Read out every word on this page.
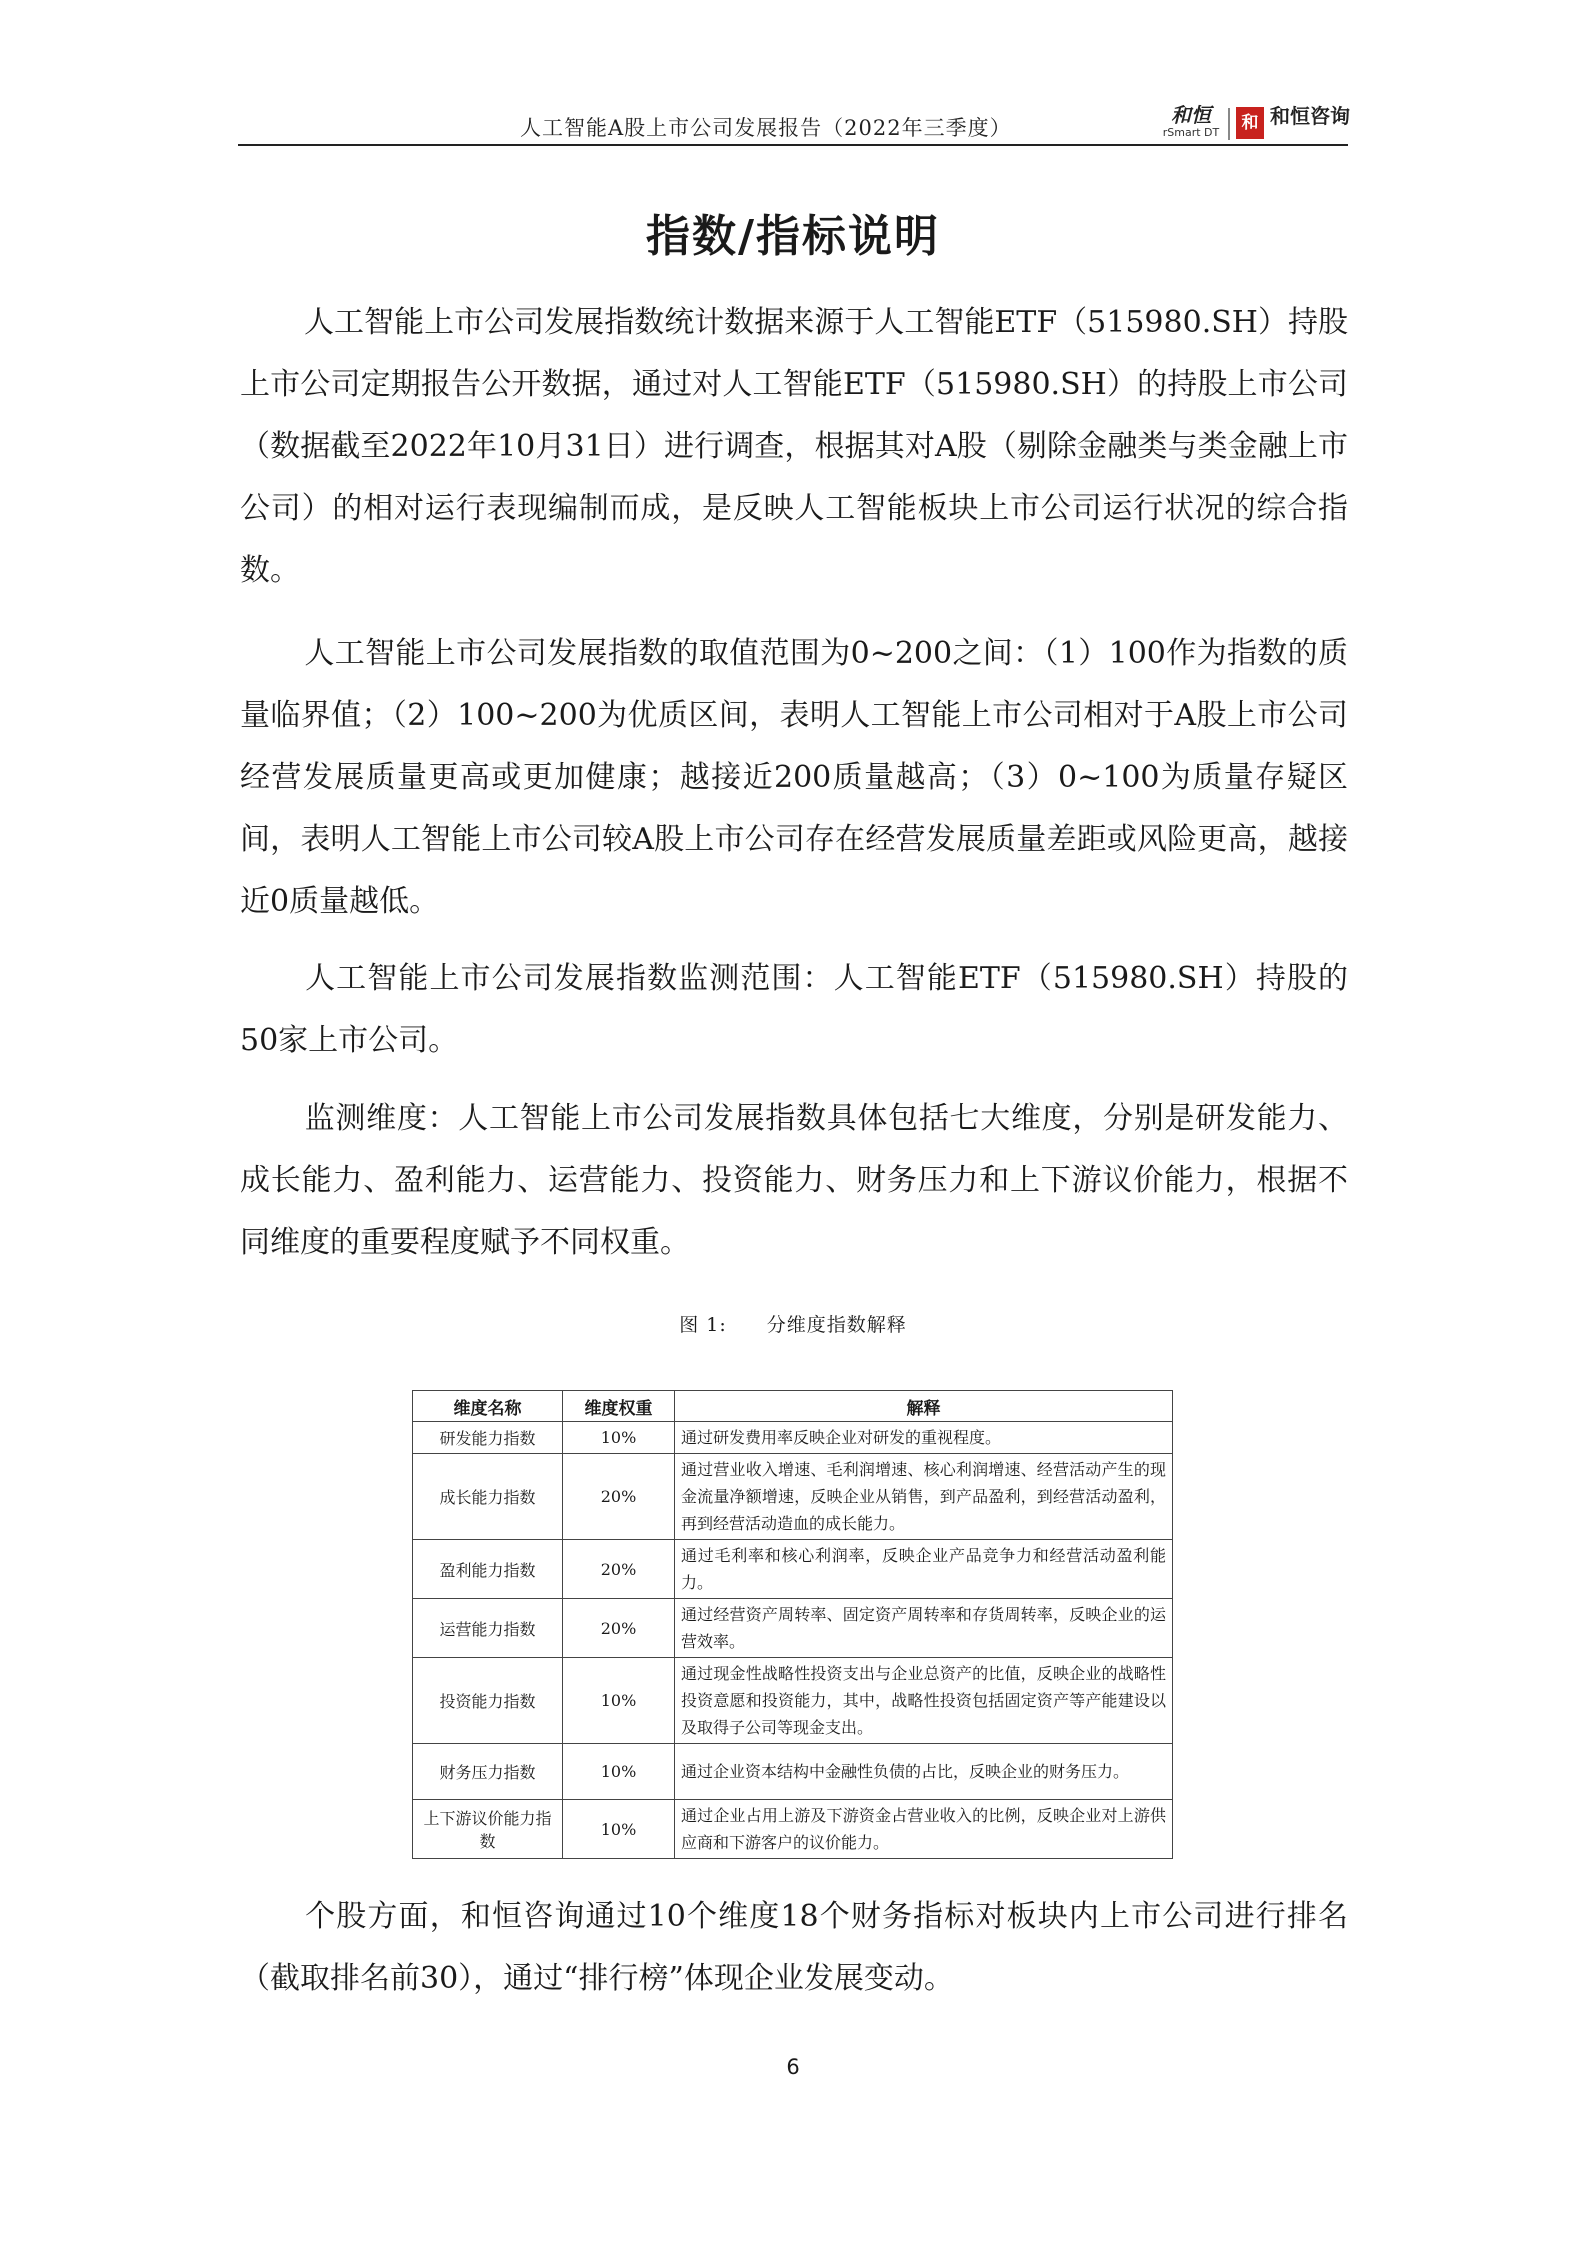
人工智能A股上市公司发展报告（2022年三季度）
和恒
rSmart DT	和 和恒咨询
指数/指标说明

人工智能上市公司发展指数统计数据来源于人工智能ETF（515980.SH）持股上市公司定期报告公开数据，通过对人工智能ETF（515980.SH）的持股上市公司（数据截至2022年10月31日）进行调查，根据其对A股（剔除金融类与类金融上市公司）的相对运行表现编制而成，是反映人工智能板块上市公司运行状况的综合指数。

人工智能上市公司发展指数的取值范围为0~200之间：（1）100作为指数的质量临界值；（2）100~200为优质区间，表明人工智能上市公司相对于A股上市公司经营发展质量更高或更加健康；越接近200质量越高；（3）0~100为质量存疑区间，表明人工智能上市公司较A股上市公司存在经营发展质量差距或风险更高，越接近0质量越低。

人工智能上市公司发展指数监测范围：人工智能ETF（515980.SH）持股的50家上市公司。

监测维度：人工智能上市公司发展指数具体包括七大维度，分别是研发能力、成长能力、盈利能力、运营能力、投资能力、财务压力和上下游议价能力，根据不同维度的重要程度赋予不同权重。

图 1: 分维度指数解释
维度名称	维度权重	解释
研发能力指数	10%	通过研发费用率反映企业对研发的重视程度。
成长能力指数	20%	通过营业收入增速、毛利润增速、核心利润增速、经营活动产生的现金流量净额增速，反映企业从销售，到产品盈利，到经营活动盈利，再到经营活动造血的成长能力。
盈利能力指数	20%	通过毛利率和核心利润率，反映企业产品竞争力和经营活动盈利能力。
运营能力指数	20%	通过经营资产周转率、固定资产周转率和存货周转率，反映企业的运营效率。
投资能力指数	10%	通过现金性战略性投资支出与企业总资产的比值，反映企业的战略性投资意愿和投资能力，其中，战略性投资包括固定资产等产能建设以及取得子公司等现金支出。
财务压力指数	10%	通过企业资本结构中金融性负债的占比，反映企业的财务压力。
上下游议价能力指数	10%	通过企业占用上游及下游资金占营业收入的比例，反映企业对上游供应商和下游客户的议价能力。

个股方面，和恒咨询通过10个维度18个财务指标对板块内上市公司进行排名（截取排名前30），通过“排行榜”体现企业发展变动。

6
